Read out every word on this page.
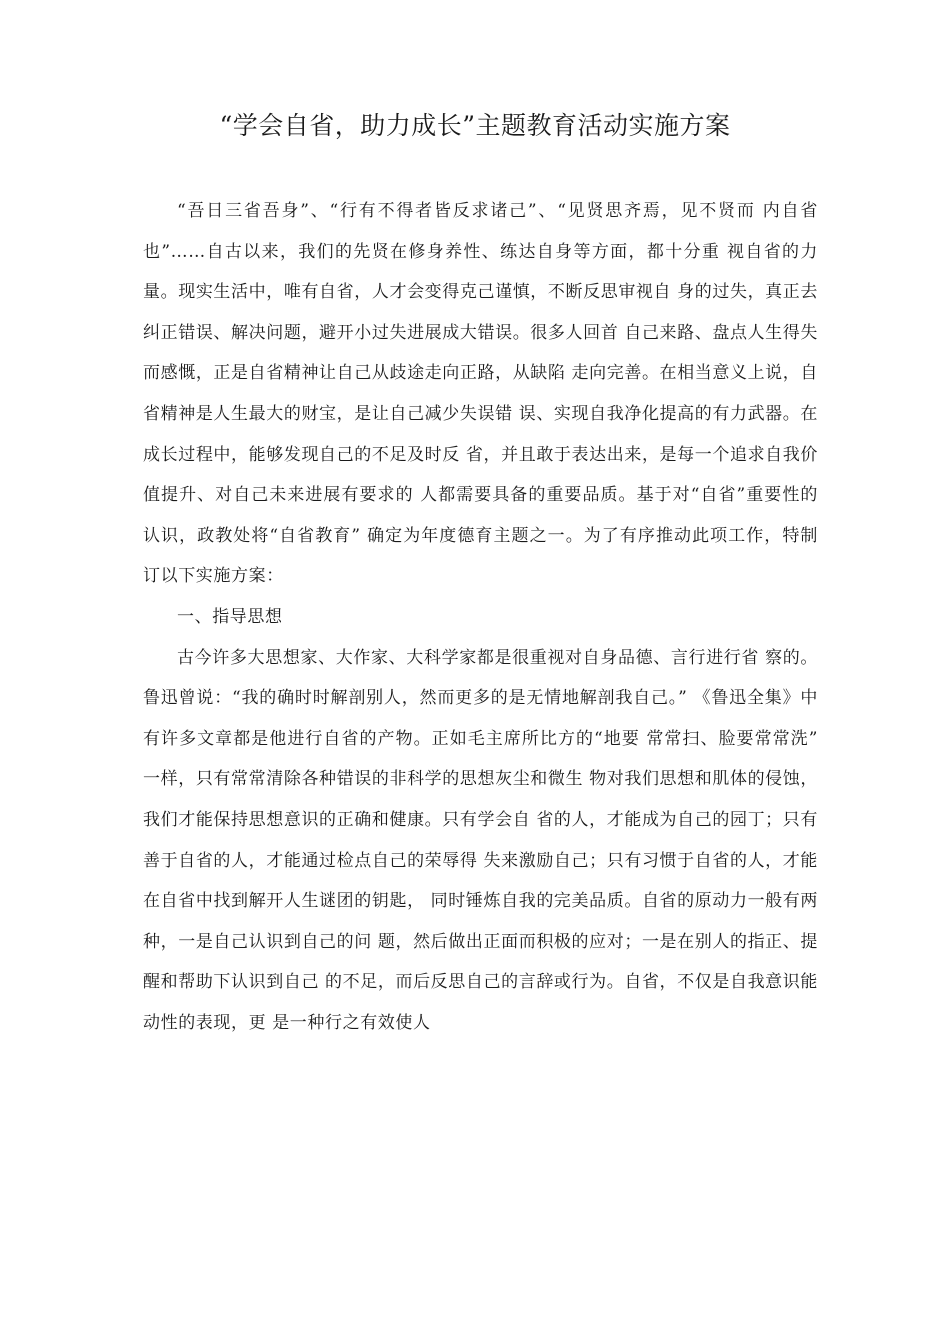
“学会自省，助力成长”主题教育活动实施方案

“吾日三省吾身”、“行有不得者皆反求诸己”、“见贤思齐焉，见不贤而 内自省也”……自古以来，我们的先贤在修身养性、练达自身等方面，都十分重 视自省的力量。现实生活中，唯有自省，人才会变得克己谨慎，不断反思审视自 身的过失，真正去纠正错误、解决问题，避开小过失进展成大错误。很多人回首 自己来路、盘点人生得失而感慨，正是自省精神让自己从歧途走向正路，从缺陷 走向完善。在相当意义上说，自省精神是人生最大的财宝，是让自己减少失误错 误、实现自我净化提高的有力武器。在成长过程中，能够发现自己的不足及时反 省，并且敢于表达出来，是每一个追求自我价值提升、对自己未来进展有要求的 人都需要具备的重要品质。基于对“自省”重要性的认识，政教处将“自省教育” 确定为年度德育主题之一。为了有序推动此项工作，特制订以下实施方案：

一、指导思想

古今许多大思想家、大作家、大科学家都是很重视对自身品德、言行进行省 察的。鲁迅曾说：“我的确时时解剖别人，然而更多的是无情地解剖我自己。” 《鲁迅全集》中有许多文章都是他进行自省的产物。正如毛主席所比方的“地要 常常扫、脸要常常洗” 一样，只有常常清除各种错误的非科学的思想灰尘和微生 物对我们思想和肌体的侵蚀，我们才能保持思想意识的正确和健康。只有学会自 省的人，才能成为自己的园丁；只有善于自省的人，才能通过检点自己的荣辱得 失来激励自己；只有习惯于自省的人，才能在自省中找到解开人生谜团的钥匙， 同时锤炼自我的完美品质。自省的原动力一般有两种，一是自己认识到自己的问 题，然后做出正面而积极的应对；一是在别人的指正、提醒和帮助下认识到自己 的不足，而后反思自己的言辞或行为。自省，不仅是自我意识能动性的表现，更 是一种行之有效使人
